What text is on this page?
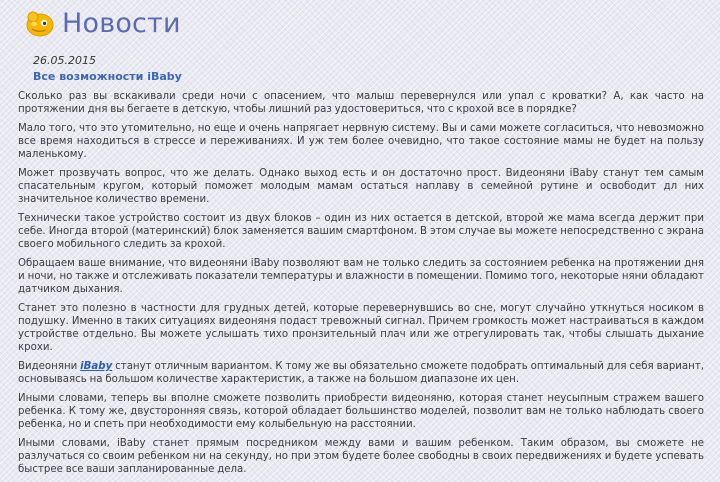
Новости
26.05.2015
Все возможности iBaby

Сколько раз вы вскакивали среди ночи с опасением, что малыш перевернулся или упал с кроватки? А, как часто на протяжении дня вы бегаете в детскую, чтобы лишний раз удостовериться, что с крохой все в порядке?

Мало того, что это утомительно, но еще и очень напрягает нервную систему. Вы и сами можете согласиться, что невозможно все время находиться в стрессе и переживаниях. И уж тем более очевидно, что такое состояние мамы не будет на пользу маленькому.

Может прозвучать вопрос, что же делать. Однако выход есть и он достаточно прост. Видеоняни iBaby станут тем самым спасательным кругом, который поможет молодым мамам остаться наплаву в семейной рутине и освободит дл них значительное количество времени.

Технически такое устройство состоит из двух блоков – один из них остается в детской, второй же мама всегда держит при себе. Иногда второй (материнский) блок заменяется вашим смартфоном. В этом случае вы можете непосредственно с экрана своего мобильного следить за крохой.

Обращаем ваше внимание, что видеоняни iBaby позволяют вам не только следить за состоянием ребенка на протяжении дня и ночи, но также и отслеживать показатели температуры и влажности в помещении. Помимо того, некоторые няни обладают датчиком дыхания.

Станет это полезно в частности для грудных детей, которые перевернувшись во сне, могут случайно уткнуться носиком в подушку. Именно в таких ситуациях видеоняня подаст тревожный сигнал. Причем громкость может настраиваться в каждом устройстве отдельно. Вы можете услышать тихо пронзительный плач или же отрегулировать так, чтобы слышать дыхание крохи.

Видеоняни iBaby станут отличным вариантом. К тому же вы обязательно сможете подобрать оптимальный для себя вариант, основываясь на большом количестве характеристик, а также на большом диапазоне их цен.

Иными словами, теперь вы вполне сможете позволить приобрести видеоняню, которая станет неусыпным стражем вашего ребенка. К тому же, двусторонняя связь, которой обладает большинство моделей, позволит вам не только наблюдать своего ребенка, но и спеть при необходимости ему колыбельную на расстоянии.

Иными словами, iBaby станет прямым посредником между вами и вашим ребенком. Таким образом, вы сможете не разлучаться со своим ребенком ни на секунду, но при этом будете более свободны в своих передвижениях и будете успевать быстрее все ваши запланированные дела.
